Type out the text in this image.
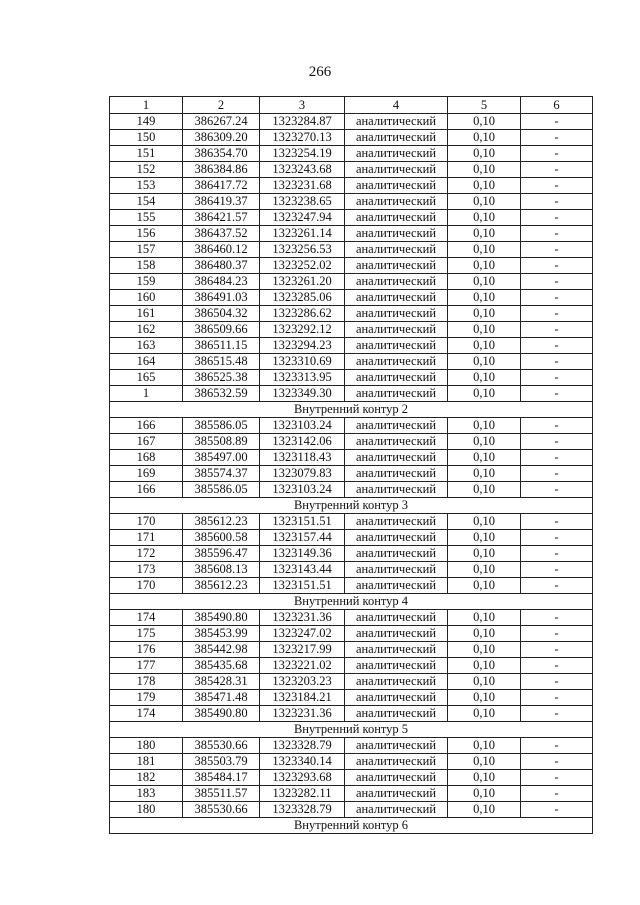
266
1	2	3	4	5	6
149	386267.24	1323284.87	аналитический	0,10	-
150	386309.20	1323270.13	аналитический	0,10	-
151	386354.70	1323254.19	аналитический	0,10	-
152	386384.86	1323243.68	аналитический	0,10	-
153	386417.72	1323231.68	аналитический	0,10	-
154	386419.37	1323238.65	аналитический	0,10	-
155	386421.57	1323247.94	аналитический	0,10	-
156	386437.52	1323261.14	аналитический	0,10	-
157	386460.12	1323256.53	аналитический	0,10	-
158	386480.37	1323252.02	аналитический	0,10	-
159	386484.23	1323261.20	аналитический	0,10	-
160	386491.03	1323285.06	аналитический	0,10	-
161	386504.32	1323286.62	аналитический	0,10	-
162	386509.66	1323292.12	аналитический	0,10	-
163	386511.15	1323294.23	аналитический	0,10	-
164	386515.48	1323310.69	аналитический	0,10	-
165	386525.38	1323313.95	аналитический	0,10	-
1	386532.59	1323349.30	аналитический	0,10	-
Внутренний контур 2					
166	385586.05	1323103.24	аналитический	0,10	-
167	385508.89	1323142.06	аналитический	0,10	-
168	385497.00	1323118.43	аналитический	0,10	-
169	385574.37	1323079.83	аналитический	0,10	-
166	385586.05	1323103.24	аналитический	0,10	-
Внутренний контур 3					
170	385612.23	1323151.51	аналитический	0,10	-
171	385600.58	1323157.44	аналитический	0,10	-
172	385596.47	1323149.36	аналитический	0,10	-
173	385608.13	1323143.44	аналитический	0,10	-
170	385612.23	1323151.51	аналитический	0,10	-
Внутренний контур 4					
174	385490.80	1323231.36	аналитический	0,10	-
175	385453.99	1323247.02	аналитический	0,10	-
176	385442.98	1323217.99	аналитический	0,10	-
177	385435.68	1323221.02	аналитический	0,10	-
178	385428.31	1323203.23	аналитический	0,10	-
179	385471.48	1323184.21	аналитический	0,10	-
174	385490.80	1323231.36	аналитический	0,10	-
Внутренний контур 5					
180	385530.66	1323328.79	аналитический	0,10	-
181	385503.79	1323340.14	аналитический	0,10	-
182	385484.17	1323293.68	аналитический	0,10	-
183	385511.57	1323282.11	аналитический	0,10	-
180	385530.66	1323328.79	аналитический	0,10	-
Внутренний контур 6					
